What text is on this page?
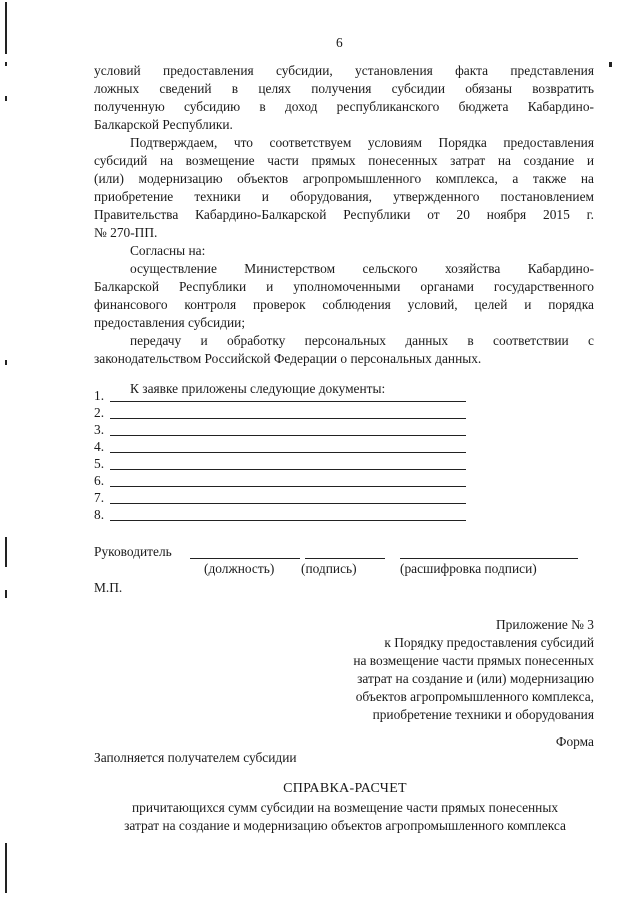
6
условий предоставления субсидии, установления факта представления
ложных сведений в целях получения субсидии обязаны возвратить
полученную субсидию в доход республиканского бюджета Кабардино-
Балкарской Республики.
Подтверждаем, что соответствуем условиям Порядка предоставления
субсидий на возмещение части прямых понесенных затрат на создание и
(или) модернизацию объектов агропромышленного комплекса, а также на
приобретение техники и оборудования, утвержденного постановлением
Правительства Кабардино-Балкарской Республики от 20 ноября 2015 г.
№ 270-ПП.
Согласны на:
осуществление Министерством сельского хозяйства Кабардино-
Балкарской Республики и уполномоченными органами государственного
финансового контроля проверок соблюдения условий, целей и порядка
предоставления субсидии;
передачу и обработку персональных данных в соответствии с
законодательством Российской Федерации о персональных данных.
К заявке приложены следующие документы:
1.
2.
3.
4.
5.
6.
7.
8.
Руководитель
(должность) (подпись)	(расшифровка подписи)
М.П.
Приложение № 3
к Порядку предоставления субсидий
на возмещение части прямых понесенных
затрат на создание и (или) модернизацию
объектов агропромышленного комплекса,
приобретение техники и оборудования
Форма
Заполняется получателем субсидии
СПРАВКА-РАСЧЕТ
причитающихся сумм субсидии на возмещение части прямых понесенных
затрат на создание и модернизацию объектов агропромышленного комплекса
